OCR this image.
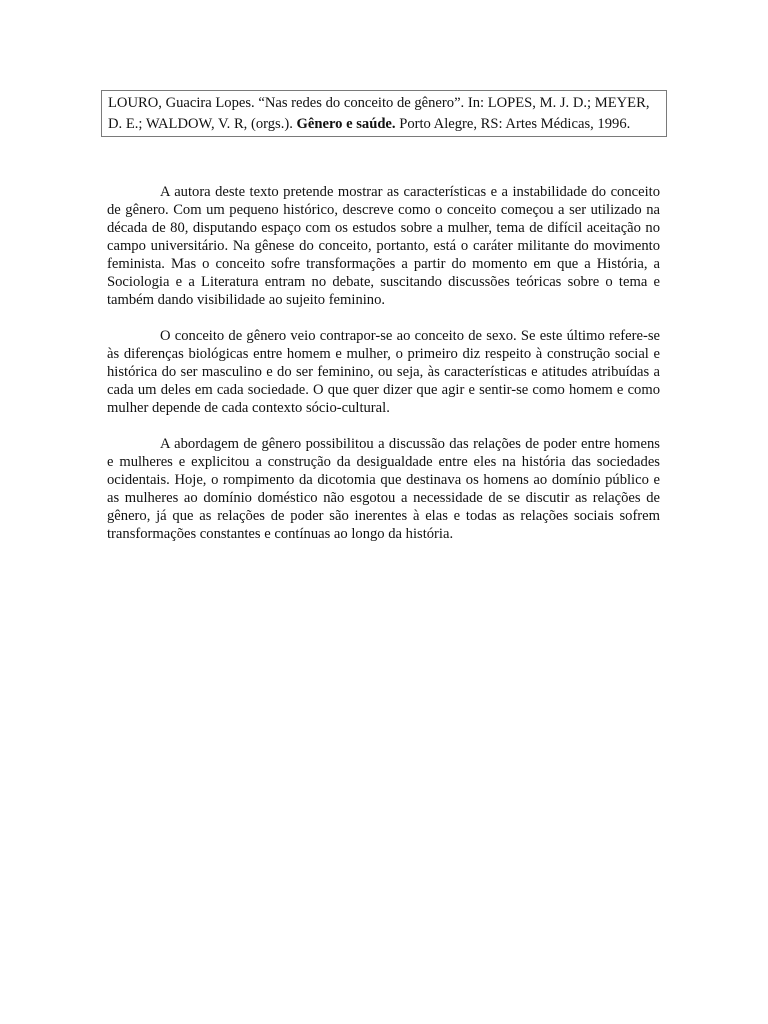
LOURO, Guacira Lopes. “Nas redes do conceito de gênero”. In: LOPES, M. J. D.; MEYER, D. E.; WALDOW, V. R, (orgs.). Gênero e saúde. Porto Alegre, RS: Artes Médicas, 1996.

A autora deste texto pretende mostrar as características e a instabilidade do conceito de gênero. Com um pequeno histórico, descreve como o conceito começou a ser utilizado na década de 80, disputando espaço com os estudos sobre a mulher, tema de difícil aceitação no campo universitário. Na gênese do conceito, portanto, está o caráter militante do movimento feminista. Mas o conceito sofre transformações a partir do momento em que a História, a Sociologia e a Literatura entram no debate, suscitando discussões teóricas sobre o tema e também dando visibilidade ao sujeito feminino.

O conceito de gênero veio contrapor-se ao conceito de sexo. Se este último refere-se às diferenças biológicas entre homem e mulher, o primeiro diz respeito à construção social e histórica do ser masculino e do ser feminino, ou seja, às características e atitudes atribuídas a cada um deles em cada sociedade. O que quer dizer que agir e sentir-se como homem e como mulher depende de cada contexto sócio-cultural.

A abordagem de gênero possibilitou a discussão das relações de poder entre homens e mulheres e explicitou a construção da desigualdade entre eles na história das sociedades ocidentais. Hoje, o rompimento da dicotomia que destinava os homens ao domínio público e as mulheres ao domínio doméstico não esgotou a necessidade de se discutir as relações de gênero, já que as relações de poder são inerentes à elas e todas as relações sociais sofrem transformações constantes e contínuas ao longo da história.
